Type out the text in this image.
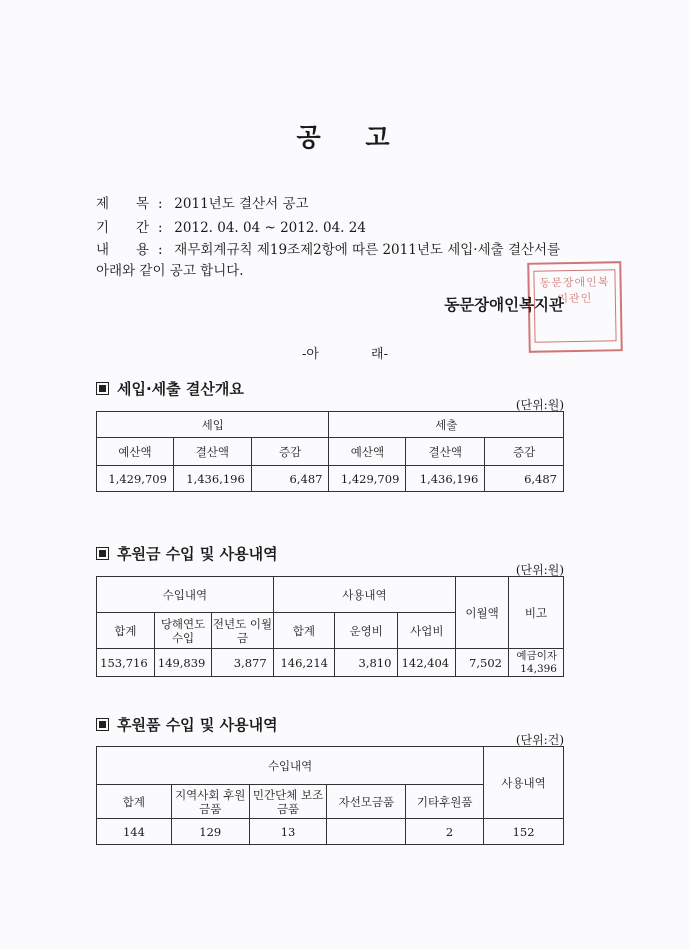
공 고
제 목 : 2011년도 결산서 공고
기 간 : 2012. 04. 04 ~ 2012. 04. 24
내 용 : 재무회계규칙 제19조제2항에 따른 2011년도 세입·세출 결산서를
아래와 같이 공고 합니다.
동문장애인복지관인
동문장애인복지관
-아 래-
세입·세출 결산개요
(단위:원)
세입			세출		
예산액	결산액	증감	예산액	결산액	증감
1,429,709	1,436,196	6,487	1,429,709	1,436,196	6,487
후원금 수입 및 사용내역
(단위:원)
수입내역			사용내역			이월액	비고
합계	당해연도 수입	전년도 이월금	합계	운영비	사업비		
153,716	149,839	3,877	146,214	3,810	142,404	7,502	예금이자
14,396
후원품 수입 및 사용내역
(단위:건)
수입내역					사용내역
합계	지역사회 후원금품	민간단체 보조금품	자선모금품	기타후원품	
144	129	13		2	152
